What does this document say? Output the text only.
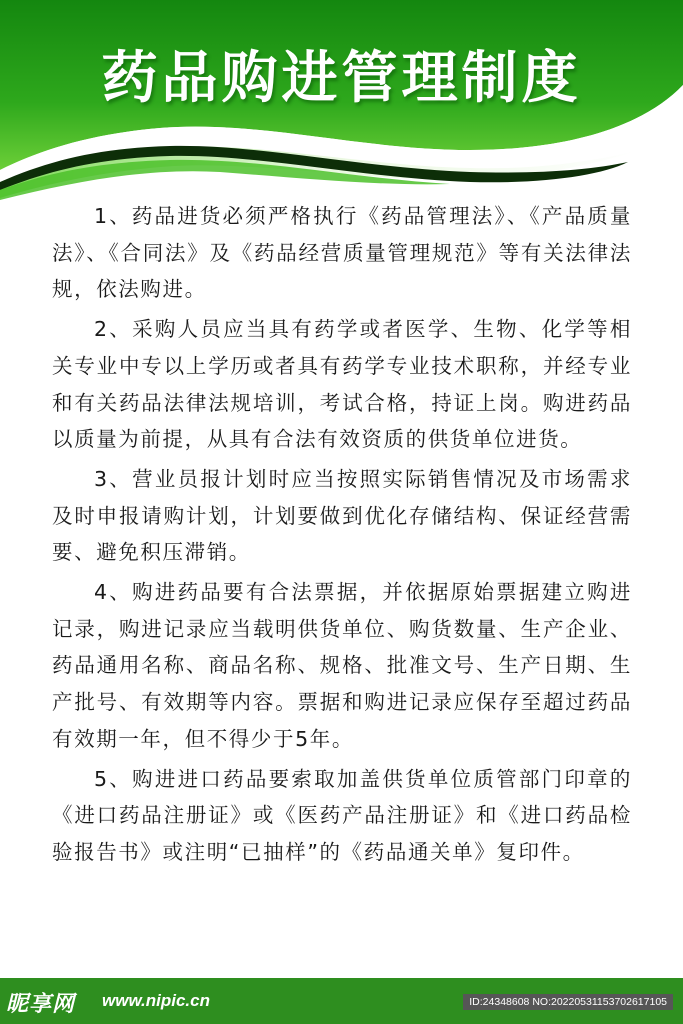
药品购进管理制度

1、药品进货必须严格执行《药品管理法》、《产品质量法》、《合同法》及《药品经营质量管理规范》等有关法律法规，依法购进。

2、采购人员应当具有药学或者医学、生物、化学等相关专业中专以上学历或者具有药学专业技术职称，并经专业和有关药品法律法规培训，考试合格，持证上岗。购进药品以质量为前提，从具有合法有效资质的供货单位进货。

3、营业员报计划时应当按照实际销售情况及市场需求及时申报请购计划，计划要做到优化存储结构、保证经营需要、避免积压滞销。

4、购进药品要有合法票据，并依据原始票据建立购进记录，购进记录应当载明供货单位、购货数量、生产企业、药品通用名称、商品名称、规格、批准文号、生产日期、生产批号、有效期等内容。票据和购进记录应保存至超过药品有效期一年，但不得少于5年。

5、购进进口药品要索取加盖供货单位质管部门印章的《进口药品注册证》或《医药产品注册证》和《进口药品检验报告书》或注明“已抽样”的《药品通关单》复印件。

昵享网 www.nipic.cn	ID:24348608 NO:20220531153702617105
